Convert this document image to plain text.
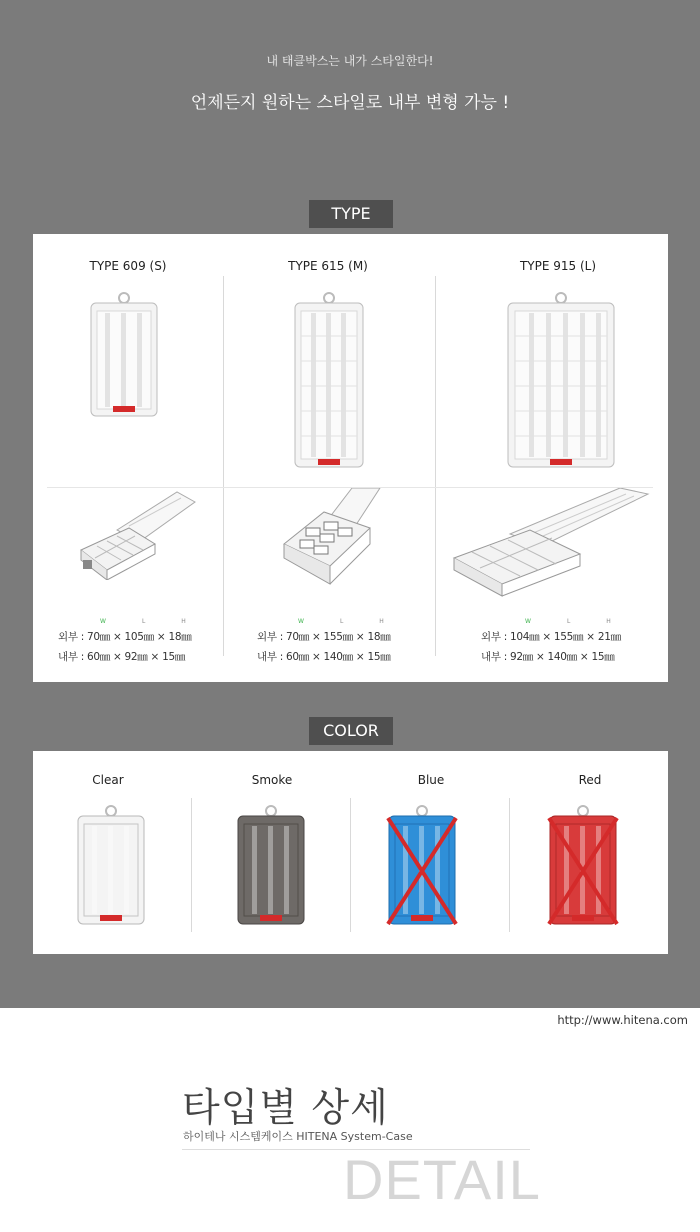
내 태클박스는 내가 스타일한다!
언제든지 원하는 스타일로 내부 변형 가능 !
TYPE
TYPE 609 (S)	TYPE 615 (M)	TYPE 915 (L)
W	L	H	W	L	H	W	L	H
외부 : 70㎜ × 105㎜ × 18㎜
내부 : 60㎜ × 92㎜ × 15㎜
외부 : 70㎜ × 155㎜ × 18㎜
내부 : 60㎜ × 140㎜ × 15㎜
외부 : 104㎜ × 155㎜ × 21㎜
내부 : 92㎜ × 140㎜ × 15㎜
COLOR
Clear	Smoke	Blue	Red
http://www.hitena.com
타입별 상세
하이테나 시스템케이스 HITENA System-Case
DETAIL
